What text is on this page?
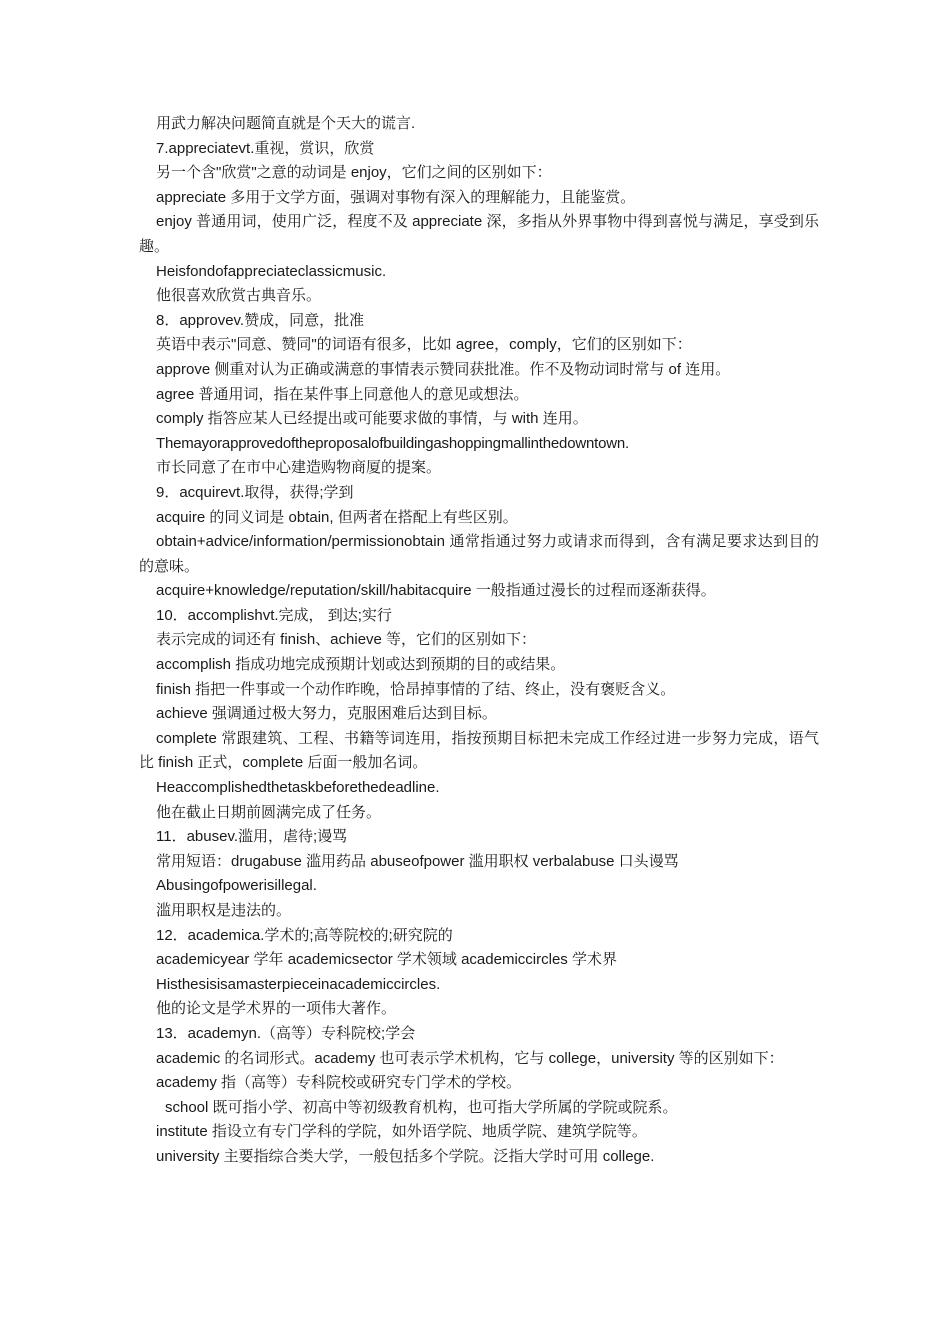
用武力解决问题简直就是个天大的谎言.

7.appreciatevt.重视，赏识，欣赏

另一个含"欣赏"之意的动词是 enjoy，它们之间的区别如下：

appreciate 多用于文学方面，强调对事物有深入的理解能力，且能鉴赏。

enjoy 普通用词，使用广泛，程度不及 appreciate 深，多指从外界事物中得到喜悦与满足，享受到乐趣。

Heisfondofappreciateclassicmusic.

他很喜欢欣赏古典音乐。

8．approvev.赞成，同意，批准

英语中表示"同意、赞同"的词语有很多，比如 agree，comply，它们的区别如下：

approve 侧重对认为正确或满意的事情表示赞同获批准。作不及物动词时常与 of 连用。

agree 普通用词，指在某件事上同意他人的意见或想法。

comply 指答应某人已经提出或可能要求做的事情，与 with 连用。

Themayorapprovedoftheproposalofbuildingashoppingmallinthedowntown.

市长同意了在市中心建造购物商厦的提案。

9．acquirevt.取得，获得;学到

acquire 的同义词是 obtain, 但两者在搭配上有些区别。

obtain+advice/information/permissionobtain 通常指通过努力或请求而得到，含有满足要求达到目的的意味。

acquire+knowledge/reputation/skill/habitacquire 一般指通过漫长的过程而逐渐获得。

10．accomplishvt.完成， 到达;实行

表示完成的词还有 finish、achieve 等，它们的区别如下：

accomplish 指成功地完成预期计划或达到预期的目的或结果。

finish 指把一件事或一个动作昨晚，恰昂掉事情的了结、终止，没有褒贬含义。

achieve 强调通过极大努力，克服困难后达到目标。

complete 常跟建筑、工程、书籍等词连用，指按预期目标把未完成工作经过进一步努力完成，语气比 finish 正式，complete 后面一般加名词。

Heaccomplishedthetaskbeforethedeadline.

他在截止日期前圆满完成了任务。

11．abusev.滥用，虐待;谩骂

常用短语：drugabuse 滥用药品 abuseofpower 滥用职权 verbalabuse 口头谩骂

Abusingofpowerisillegal.

滥用职权是违法的。

12．academica.学术的;高等院校的;研究院的

academicyear 学年 academicsector 学术领域 academiccircles 学术界

Histhesisisamasterpieceinacademiccircles.

他的论文是学术界的一项伟大著作。

13．academyn.（高等）专科院校;学会

academic 的名词形式。academy 也可表示学术机构，它与 college，university 等的区别如下：

academy 指（高等）专科院校或研究专门学术的学校。

school 既可指小学、初高中等初级教育机构，也可指大学所属的学院或院系。

institute 指设立有专门学科的学院，如外语学院、地质学院、建筑学院等。

university 主要指综合类大学，一般包括多个学院。泛指大学时可用 college.
